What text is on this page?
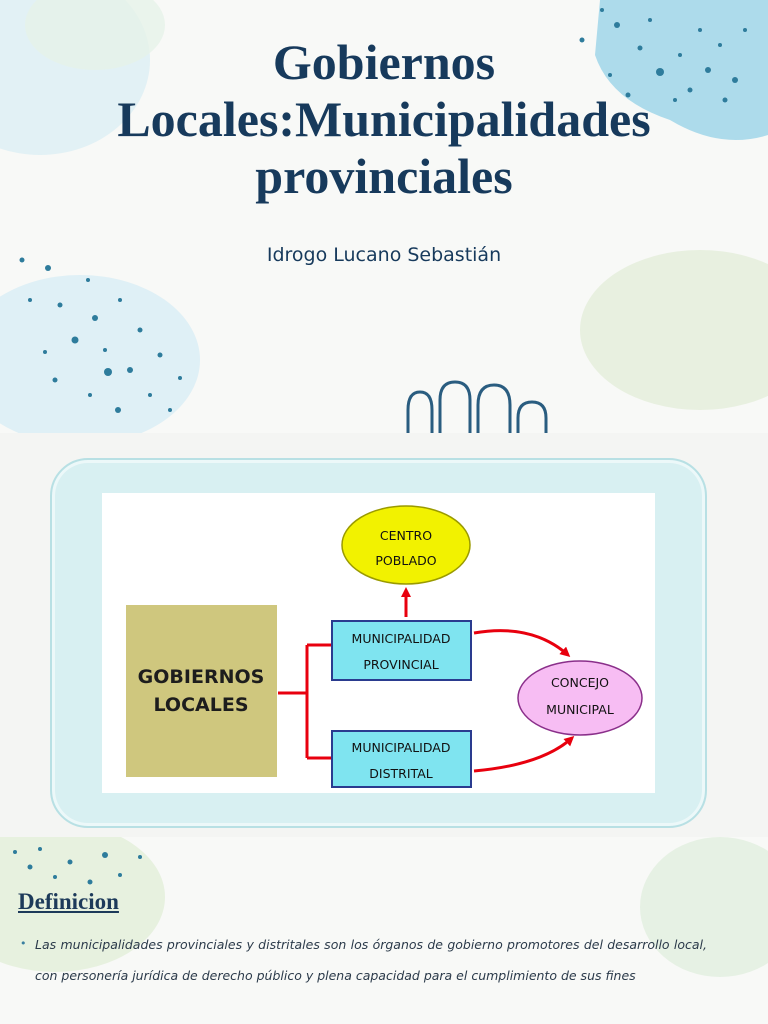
Gobiernos
Locales:Municipalidades
provinciales
Idrogo Lucano Sebastián
GOBIERNOS
LOCALES
CENTRO
POBLADO
MUNICIPALIDAD
PROVINCIAL
MUNICIPALIDAD
DISTRITAL
CONCEJO
MUNICIPAL
Definicion
• Las municipalidades provinciales y distritales son los órganos de gobierno promotores del desarrollo local, con personería jurídica de derecho público y plena capacidad para el cumplimiento de sus fines
